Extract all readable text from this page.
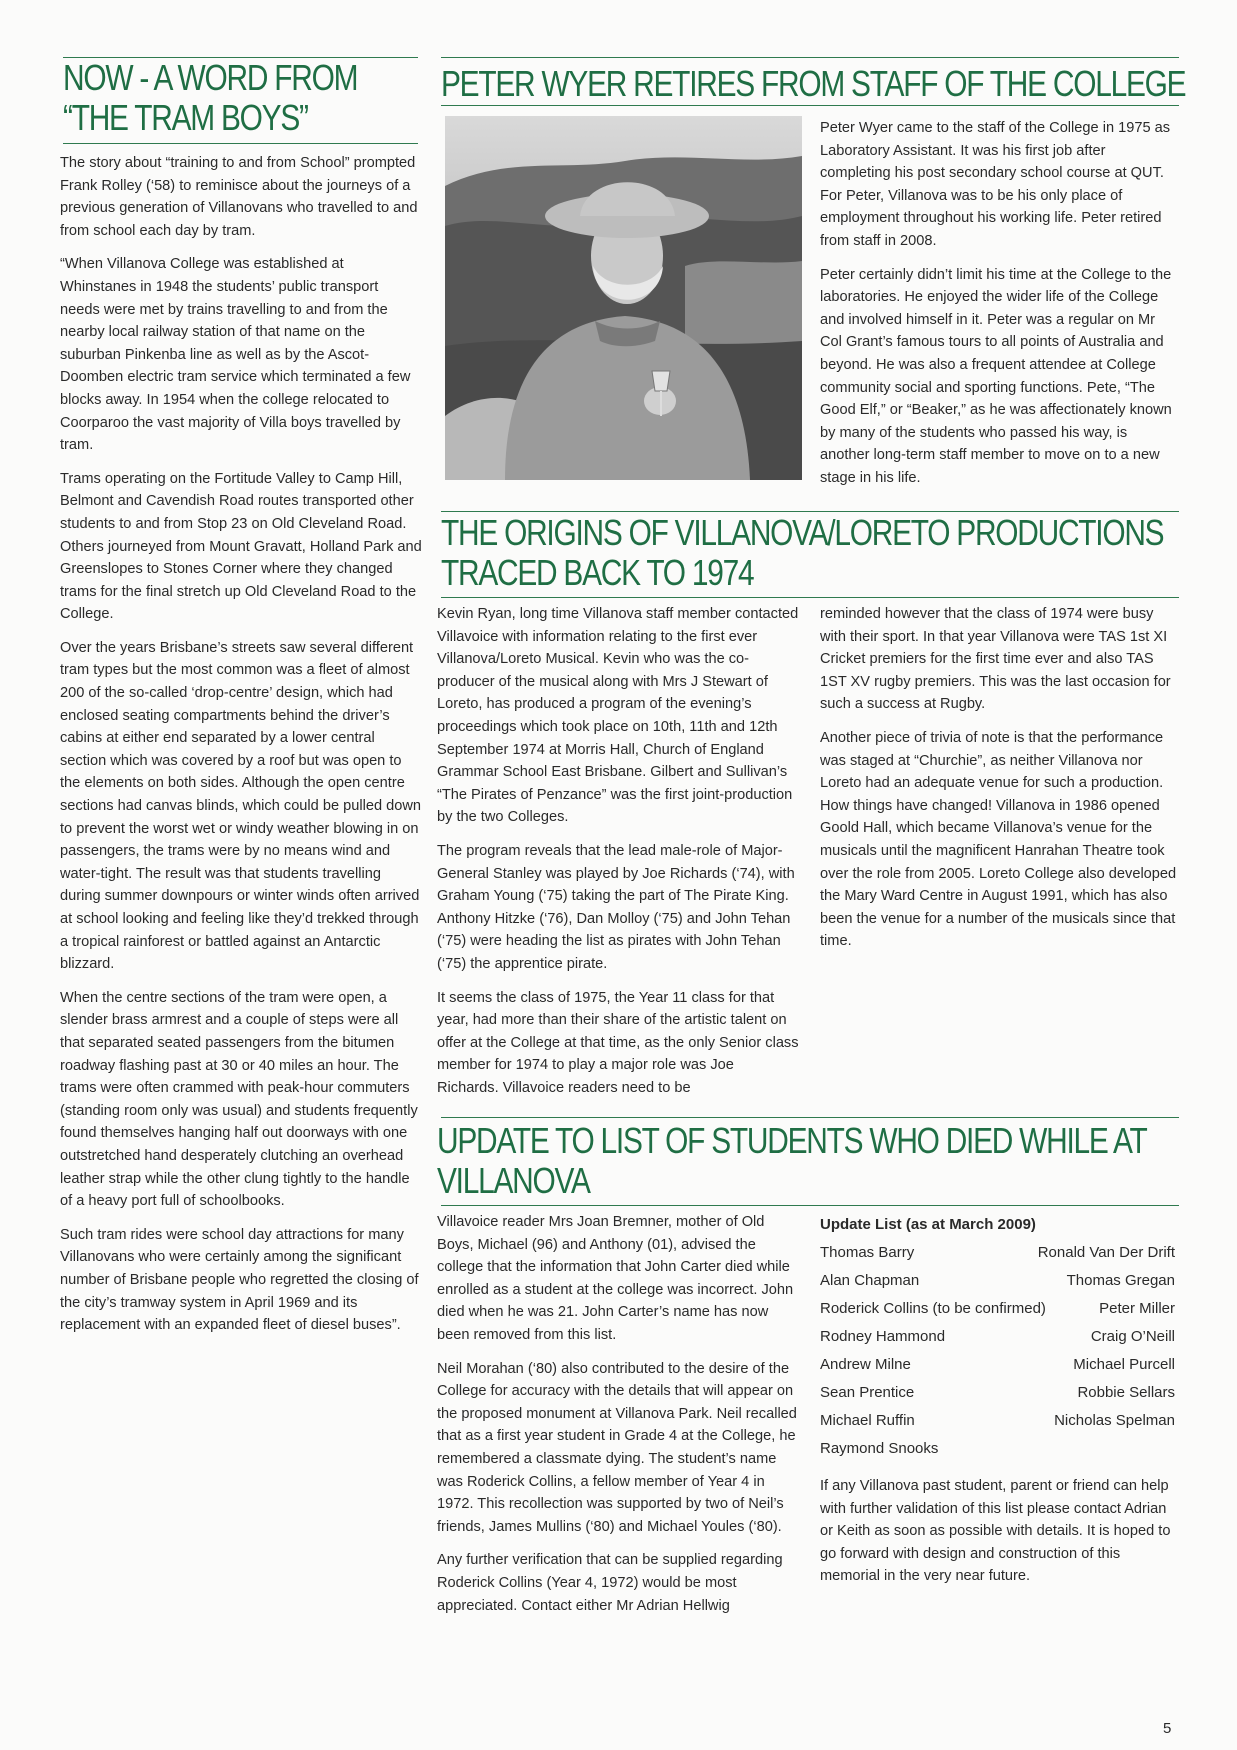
NOW - A WORD FROM
“THE TRAM BOYS”

The story about “training to and from School” prompted Frank Rolley (‘58) to reminisce about the journeys of a previous generation of Villanovans who travelled to and from school each day by tram.

“When Villanova College was established at Whinstanes in 1948 the students’ public transport needs were met by trains travelling to and from the nearby local railway station of that name on the suburban Pinkenba line as well as by the Ascot-Doomben electric tram service which terminated a few blocks away. In 1954 when the college relocated to Coorparoo the vast majority of Villa boys travelled by tram.

Trams operating on the Fortitude Valley to Camp Hill, Belmont and Cavendish Road routes transported other students to and from Stop 23 on Old Cleveland Road. Others journeyed from Mount Gravatt, Holland Park and Greenslopes to Stones Corner where they changed trams for the final stretch up Old Cleveland Road to the College.

Over the years Brisbane’s streets saw several different tram types but the most common was a fleet of almost 200 of the so-called ‘drop-centre’ design, which had enclosed seating compartments behind the driver’s cabins at either end separated by a lower central section which was covered by a roof but was open to the elements on both sides. Although the open centre sections had canvas blinds, which could be pulled down to prevent the worst wet or windy weather blowing in on passengers, the trams were by no means wind and water-tight. The result was that students travelling during summer downpours or winter winds often arrived at school looking and feeling like they’d trekked through a tropical rainforest or battled against an Antarctic blizzard.

When the centre sections of the tram were open, a slender brass armrest and a couple of steps were all that separated seated passengers from the bitumen roadway flashing past at 30 or 40 miles an hour. The trams were often crammed with peak-hour commuters (standing room only was usual) and students frequently found themselves hanging half out doorways with one outstretched hand desperately clutching an overhead leather strap while the other clung tightly to the handle of a heavy port full of schoolbooks.

Such tram rides were school day attractions for many Villanovans who were certainly among the significant number of Brisbane people who regretted the closing of the city’s tramway system in April 1969 and its replacement with an expanded fleet of diesel buses”.

PETER WYER RETIRES FROM STAFF OF THE COLLEGE

Peter Wyer came to the staff of the College in 1975 as Laboratory Assistant. It was his first job after completing his post secondary school course at QUT. For Peter, Villanova was to be his only place of employment throughout his working life. Peter retired from staff in 2008.

Peter certainly didn’t limit his time at the College to the laboratories. He enjoyed the wider life of the College and involved himself in it. Peter was a regular on Mr Col Grant’s famous tours to all points of Australia and beyond. He was also a frequent attendee at College community social and sporting functions. Pete, “The Good Elf,” or “Beaker,” as he was affectionately known by many of the students who passed his way, is another long-term staff member to move on to a new stage in his life.

THE ORIGINS OF VILLANOVA/LORETO PRODUCTIONS
TRACED BACK TO 1974

Kevin Ryan, long time Villanova staff member contacted Villavoice with information relating to the first ever Villanova/Loreto Musical. Kevin who was the co-producer of the musical along with Mrs J Stewart of Loreto, has produced a program of the evening’s proceedings which took place on 10th, 11th and 12th September 1974 at Morris Hall, Church of England Grammar School East Brisbane. Gilbert and Sullivan’s “The Pirates of Penzance” was the first joint-production by the two Colleges.

The program reveals that the lead male-role of Major-General Stanley was played by Joe Richards (‘74), with Graham Young (‘75) taking the part of The Pirate King. Anthony Hitzke (‘76), Dan Molloy (‘75) and John Tehan (‘75) were heading the list as pirates with John Tehan (‘75) the apprentice pirate.

It seems the class of 1975, the Year 11 class for that year, had more than their share of the artistic talent on offer at the College at that time, as the only Senior class member for 1974 to play a major role was Joe Richards. Villavoice readers need to be

reminded however that the class of 1974 were busy with their sport. In that year Villanova were TAS 1st XI Cricket premiers for the first time ever and also TAS 1ST XV rugby premiers. This was the last occasion for such a success at Rugby.

Another piece of trivia of note is that the performance was staged at “Churchie”, as neither Villanova nor Loreto had an adequate venue for such a production. How things have changed! Villanova in 1986 opened Goold Hall, which became Villanova’s venue for the musicals until the magnificent Hanrahan Theatre took over the role from 2005. Loreto College also developed the Mary Ward Centre in August 1991, which has also been the venue for a number of the musicals since that time.

UPDATE TO LIST OF STUDENTS WHO DIED WHILE AT
VILLANOVA

Villavoice reader Mrs Joan Bremner, mother of Old Boys, Michael (96) and Anthony (01), advised the college that the information that John Carter died while enrolled as a student at the college was incorrect. John died when he was 21. John Carter’s name has now been removed from this list.

Neil Morahan (‘80) also contributed to the desire of the College for accuracy with the details that will appear on the proposed monument at Villanova Park. Neil recalled that as a first year student in Grade 4 at the College, he remembered a classmate dying. The student’s name was Roderick Collins, a fellow member of Year 4 in 1972. This recollection was supported by two of Neil’s friends, James Mullins (‘80) and Michael Youles (‘80).

Any further verification that can be supplied regarding Roderick Collins (Year 4, 1972) would be most appreciated. Contact either Mr Adrian Hellwig

Update List (as at March 2009)
Thomas Barry	Ronald Van Der Drift
Alan Chapman	Thomas Gregan
Roderick Collins (to be confirmed)	Peter Miller
Rodney Hammond	Craig O’Neill
Andrew Milne	Michael Purcell
Sean Prentice	Robbie Sellars
Michael Ruffin	Nicholas Spelman
Raymond Snooks

If any Villanova past student, parent or friend can help with further validation of this list please contact Adrian or Keith as soon as possible with details. It is hoped to go forward with design and construction of this memorial in the very near future.

5
